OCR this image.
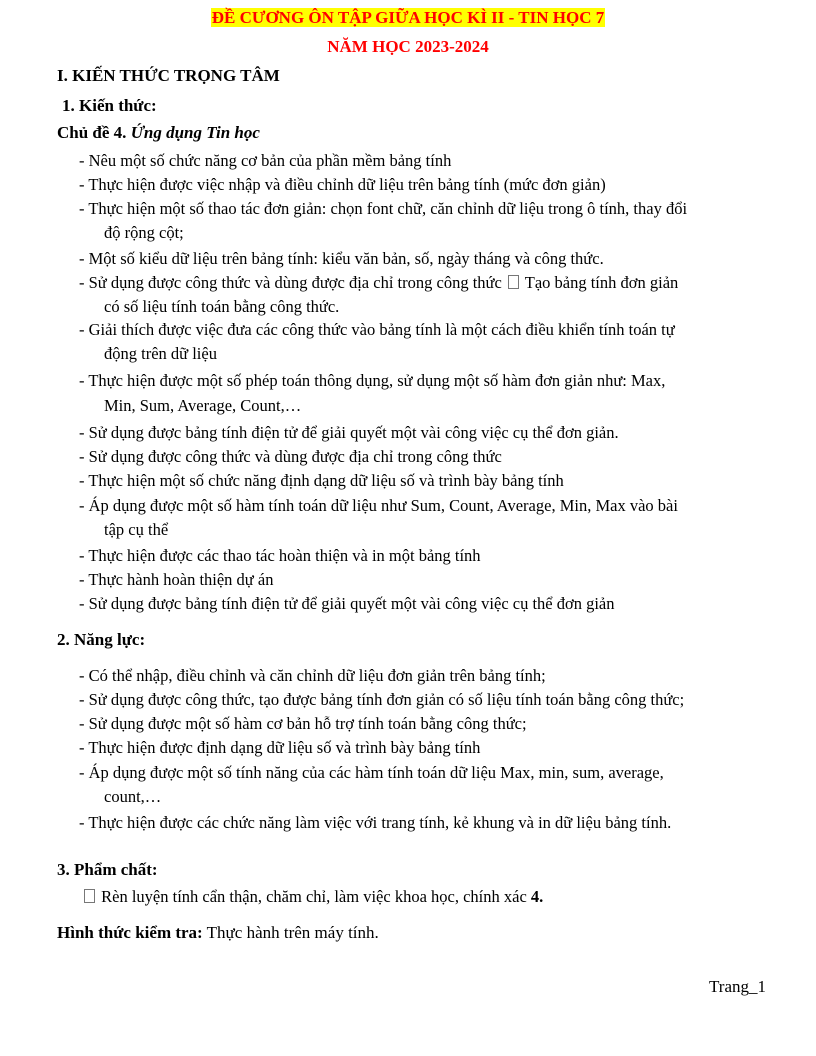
ĐỀ CƯƠNG ÔN TẬP GIỮA HỌC KÌ II - TIN HỌC 7
NĂM HỌC 2023-2024
I. KIẾN THỨC TRỌNG TÂM
1. Kiến thức:
Chủ đề 4. Ứng dụng Tin học
- Nêu một số chức năng cơ bản của phần mềm bảng tính
- Thực hiện được việc nhập và điều chỉnh dữ liệu trên bảng tính (mức đơn giản)
- Thực hiện một số thao tác đơn giản: chọn font chữ, căn chỉnh dữ liệu trong ô tính, thay đổi
độ rộng cột;
- Một số kiểu dữ liệu trên bảng tính: kiểu văn bản, số, ngày tháng và công thức.
- Sử dụng được công thức và dùng được địa chỉ trong công thức Tạo bảng tính đơn giản
có số liệu tính toán bằng công thức.
- Giải thích được việc đưa các công thức vào bảng tính là một cách điều khiển tính toán tự
động trên dữ liệu
- Thực hiện được một số phép toán thông dụng, sử dụng một số hàm đơn giản như: Max,
Min, Sum, Average, Count,…
- Sử dụng được bảng tính điện tử để giải quyết một vài công việc cụ thể đơn giản.
- Sử dụng được công thức và dùng được địa chỉ trong công thức
- Thực hiện một số chức năng định dạng dữ liệu số và trình bày bảng tính
- Áp dụng được một số hàm tính toán dữ liệu như Sum, Count, Average, Min, Max vào bài
tập cụ thể
- Thực hiện được các thao tác hoàn thiện và in một bảng tính
- Thực hành hoàn thiện dự án
- Sử dụng được bảng tính điện tử để giải quyết một vài công việc cụ thể đơn giản
2. Năng lực:
- Có thể nhập, điều chỉnh và căn chỉnh dữ liệu đơn giản trên bảng tính;
- Sử dụng được công thức, tạo được bảng tính đơn giản có số liệu tính toán bằng công thức;
- Sử dụng được một số hàm cơ bản hỗ trợ tính toán bằng công thức;
- Thực hiện được định dạng dữ liệu số và trình bày bảng tính
- Áp dụng được một số tính năng của các hàm tính toán dữ liệu Max, min, sum, average,
count,…
- Thực hiện được các chức năng làm việc với trang tính, kẻ khung và in dữ liệu bảng tính.
3. Phẩm chất:
Rèn luyện tính cẩn thận, chăm chỉ, làm việc khoa học, chính xác 4.
Hình thức kiểm tra: Thực hành trên máy tính.
Trang_1
